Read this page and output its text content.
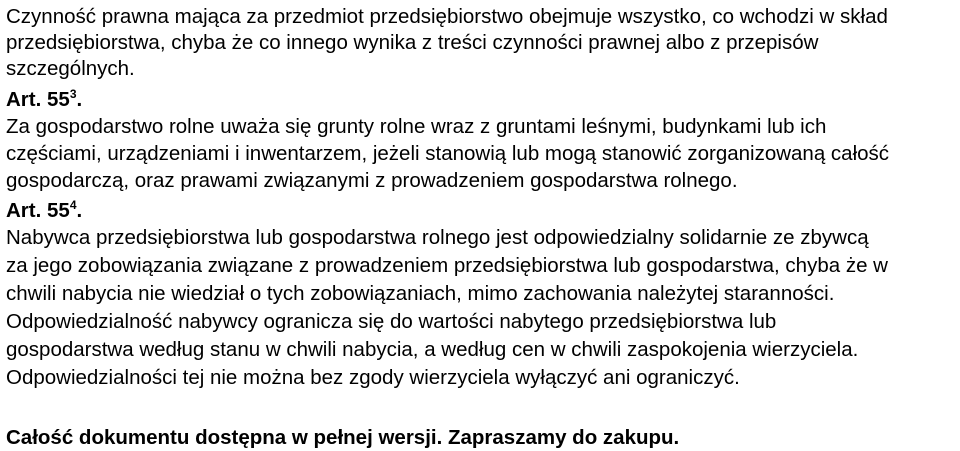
Czynność prawna mająca za przedmiot przedsiębiorstwo obejmuje wszystko, co wchodzi w skład
przedsiębiorstwa, chyba że co innego wynika z treści czynności prawnej albo z przepisów
szczególnych.
Art. $55^3$.
Za gospodarstwo rolne uważa się grunty rolne wraz z gruntami leśnymi, budynkami lub ich
częściami, urządzeniami i inwentarzem, jeżeli stanowią lub mogą stanowić zorganizowaną całość
gospodarczą, oraz prawami związanymi z prowadzeniem gospodarstwa rolnego.
Art. $55^4$.
Nabywca przedsiębiorstwa lub gospodarstwa rolnego jest odpowiedzialny solidarnie ze zbywcą
za jego zobowiązania związane z prowadzeniem przedsiębiorstwa lub gospodarstwa, chyba że w
chwili nabycia nie wiedział o tych zobowiązaniach, mimo zachowania należytej staranności.
Odpowiedzialność nabywcy ogranicza się do wartości nabytego przedsiębiorstwa lub
gospodarstwa według stanu w chwili nabycia, a według cen w chwili zaspokojenia wierzyciela.
Odpowiedzialności tej nie można bez zgody wierzyciela wyłączyć ani ograniczyć.
Całość dokumentu dostępna w pełnej wersji. Zapraszamy do zakupu.
